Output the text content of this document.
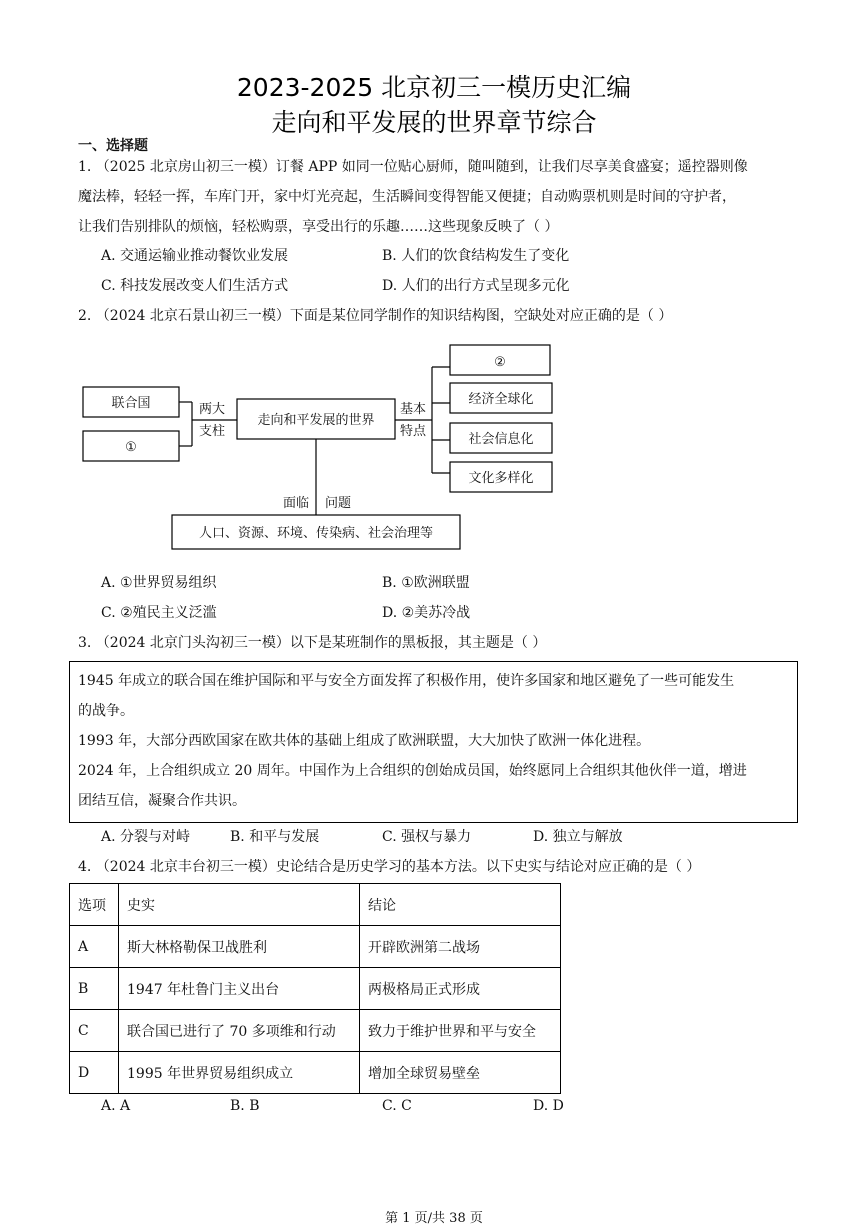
2023-2025 北京初三一模历史汇编
走向和平发展的世界章节综合
一、选择题
1. （2025 北京房山初三一模）订餐 APP 如同一位贴心厨师，随叫随到，让我们尽享美食盛宴；遥控器则像
魔法棒，轻轻一挥，车库门开，家中灯光亮起，生活瞬间变得智能又便捷；自动购票机则是时间的守护者，
让我们告别排队的烦恼，轻松购票，享受出行的乐趣……这些现象反映了（ ）
A. 交通运输业推动餐饮业发展	B. 人们的饮食结构发生了变化
C. 科技发展改变人们生活方式	D. 人们的出行方式呈现多元化
2. （2024 北京石景山初三一模）下面是某位同学制作的知识结构图，空缺处对应正确的是（ ）
联合国
①
两大
支柱
走向和平发展的世界
基本
特点
②
经济全球化
社会信息化
文化多样化
面临 问题
人口、资源、环境、传染病、社会治理等
A. ①世界贸易组织	B. ①欧洲联盟
C. ②殖民主义泛滥	D. ②美苏冷战
3. （2024 北京门头沟初三一模）以下是某班制作的黑板报，其主题是（ ）
1945 年成立的联合国在维护国际和平与安全方面发挥了积极作用，使许多国家和地区避免了一些可能发生
的战争。
1993 年，大部分西欧国家在欧共体的基础上组成了欧洲联盟，大大加快了欧洲一体化进程。
2024 年，上合组织成立 20 周年。中国作为上合组织的创始成员国，始终愿同上合组织其他伙伴一道，增进
团结互信，凝聚合作共识。
A. 分裂与对峙	B. 和平与发展	C. 强权与暴力	D. 独立与解放
4. （2024 北京丰台初三一模）史论结合是历史学习的基本方法。以下史实与结论对应正确的是（ ）
选项	史实	结论
A	斯大林格勒保卫战胜利	开辟欧洲第二战场
B	1947 年杜鲁门主义出台	两极格局正式形成
C	联合国已进行了 70 多项维和行动	致力于维护世界和平与安全
D	1995 年世界贸易组织成立	增加全球贸易壁垒
A. A	B. B	C. C	D. D
第 1 页/共 38 页
